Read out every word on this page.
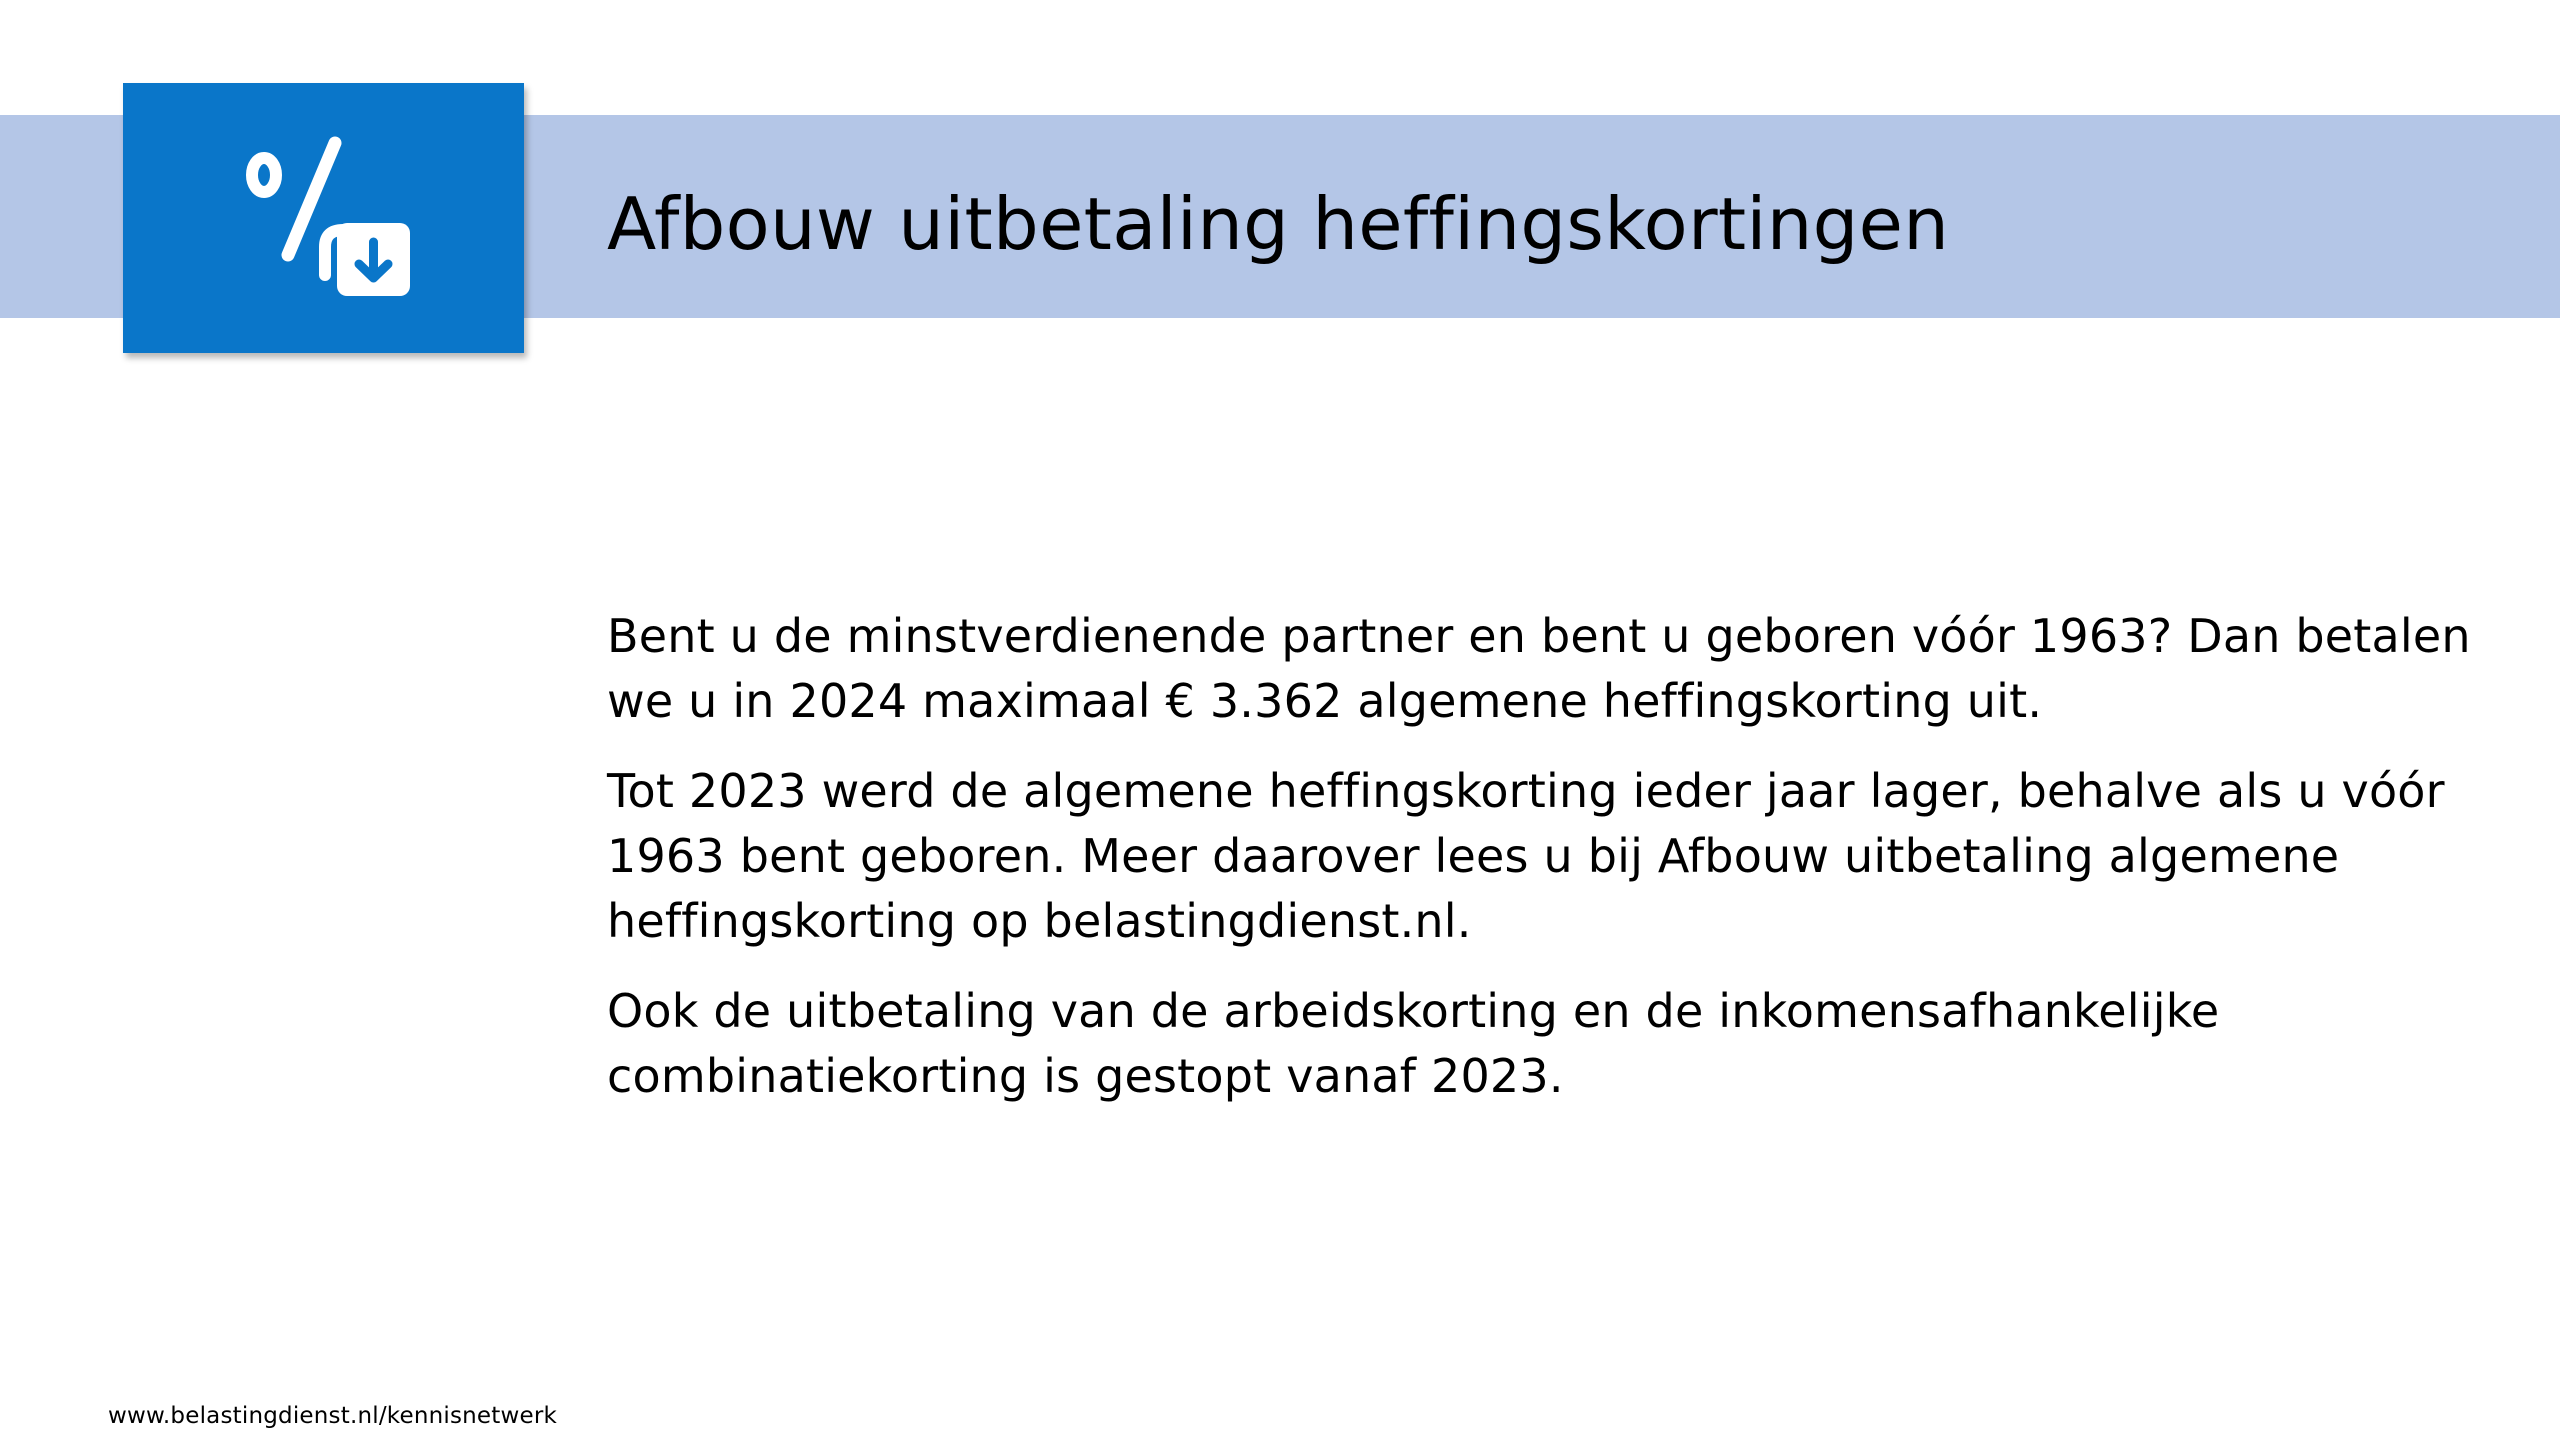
Afbouw uitbetaling heffingskortingen

Bent u de minstverdienende partner en bent u geboren vóór 1963? Dan betalen we u in 2024 maximaal € 3.362 algemene heffingskorting uit.

Tot 2023 werd de algemene heffingskorting ieder jaar lager, behalve als u vóór 1963 bent geboren. Meer daarover lees u bij Afbouw uitbetaling algemene heffingskorting op belastingdienst.nl.

Ook de uitbetaling van de arbeidskorting en de inkomensafhankelijke combinatiekorting is gestopt vanaf 2023.

www.belastingdienst.nl/kennisnetwerk
